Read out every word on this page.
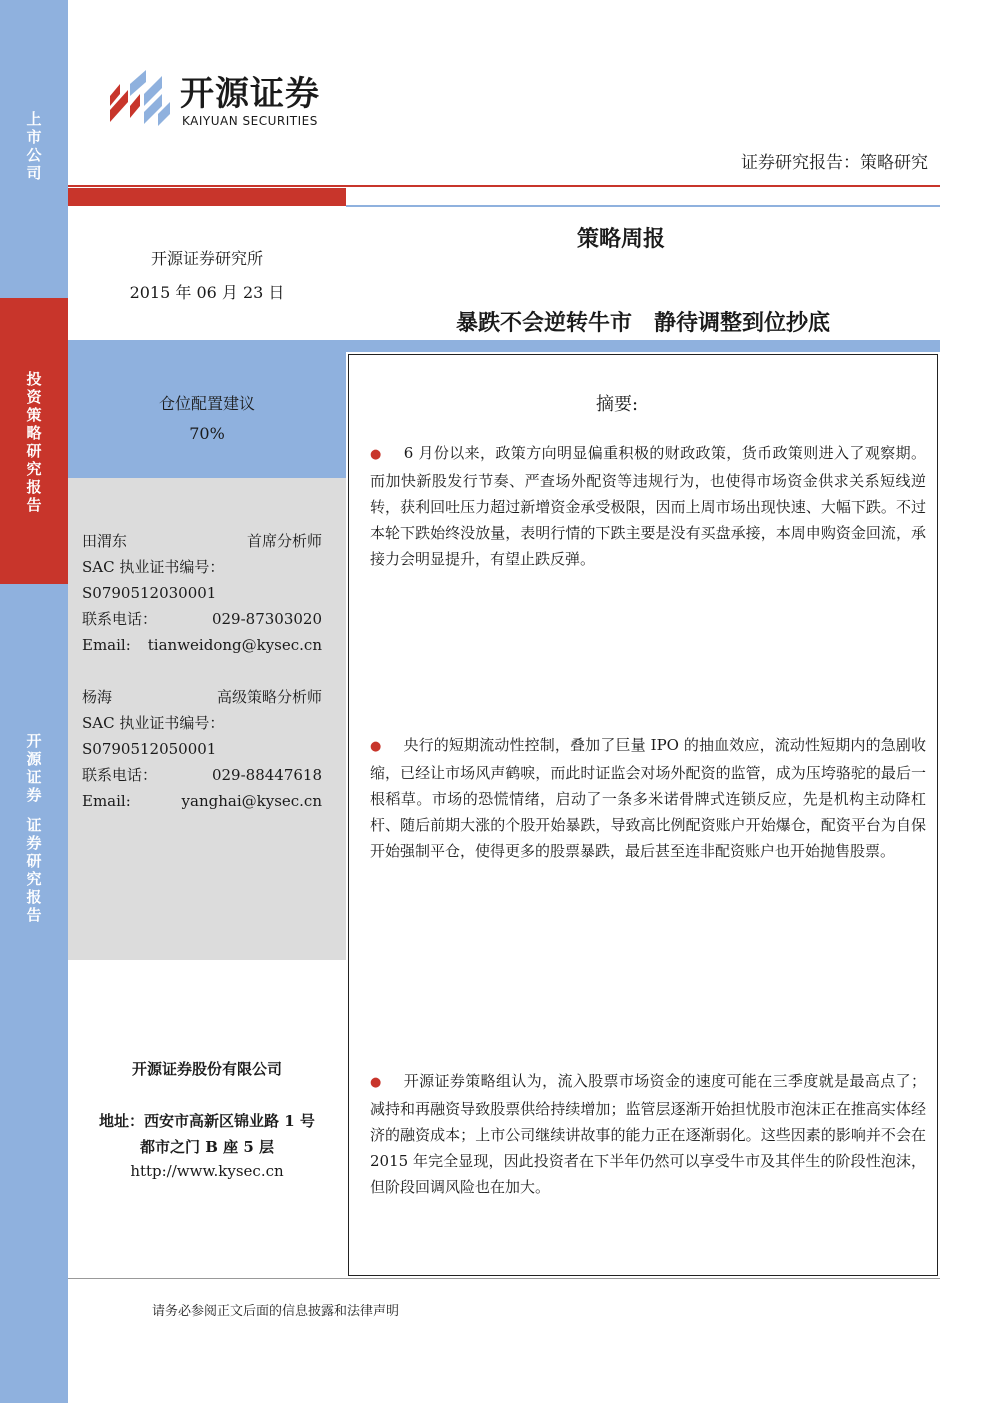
上
市
公
司
投
资
策
略
研
究
报
告
开
源
证
券
证
券
研
究
报
告
开源证券
KAIYUAN SECURITIES
证券研究报告：策略研究
开源证券研究所
2015 年 06 月 23 日
仓位配置建议
70%
田渭东	首席分析师
SAC 执业证书编号：
S0790512030001
联系电话：	029-87303020
Email: tianweidong@kysec.cn
杨海	高级策略分析师
SAC 执业证书编号：
S0790512050001
联系电话：	029-88447618
Email:	yanghai@kysec.cn
开源证券股份有限公司
地址：西安市高新区锦业路 1 号
都市之门 B 座 5 层
http://www.kysec.cn
策略周报
暴跌不会逆转牛市　静待调整到位抄底
摘要:
● 6 月份以来，政策方向明显偏重积极的财政政策，货币政策则进入了观察期。而加快新股发行节奏、严查场外配资等违规行为，也使得市场资金供求关系短线逆转，获利回吐压力超过新增资金承受极限，因而上周市场出现快速、大幅下跌。不过本轮下跌始终没放量，表明行情的下跌主要是没有买盘承接，本周申购资金回流，承接力会明显提升，有望止跌反弹。
● 央行的短期流动性控制，叠加了巨量 IPO 的抽血效应，流动性短期内的急剧收缩，已经让市场风声鹤唳，而此时证监会对场外配资的监管，成为压垮骆驼的最后一根稻草。市场的恐慌情绪，启动了一条多米诺骨牌式连锁反应，先是机构主动降杠杆、随后前期大涨的个股开始暴跌，导致高比例配资账户开始爆仓，配资平台为自保开始强制平仓，使得更多的股票暴跌，最后甚至连非配资账户也开始抛售股票。
● 开源证券策略组认为，流入股票市场资金的速度可能在三季度就是最高点了；减持和再融资导致股票供给持续增加；监管层逐渐开始担忧股市泡沫正在推高实体经济的融资成本；上市公司继续讲故事的能力正在逐渐弱化。这些因素的影响并不会在 2015 年完全显现，因此投资者在下半年仍然可以享受牛市及其伴生的阶段性泡沫，但阶段回调风险也在加大。
请务必参阅正文后面的信息披露和法律声明
